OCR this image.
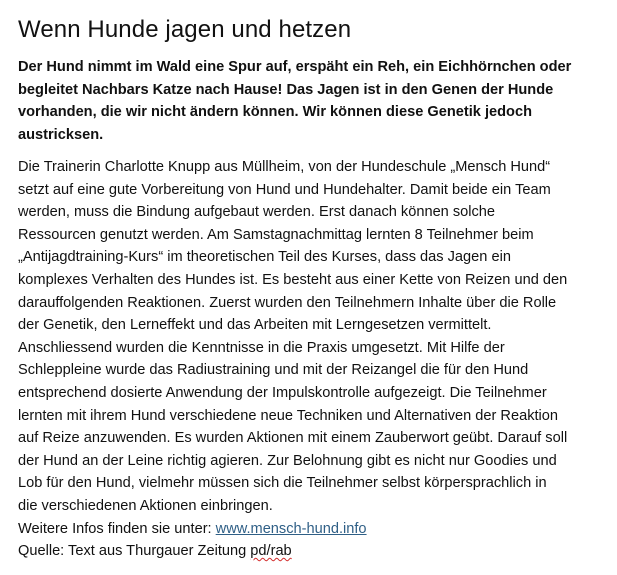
Wenn Hunde jagen und hetzen

Der Hund nimmt im Wald eine Spur auf, erspäht ein Reh, ein Eichhörnchen oder
begleitet Nachbars Katze nach Hause! Das Jagen ist in den Genen der Hunde
vorhanden, die wir nicht ändern können. Wir können diese Genetik jedoch
austricksen.

Die Trainerin Charlotte Knupp aus Müllheim, von der Hundeschule „Mensch Hund“
setzt auf eine gute Vorbereitung von Hund und Hundehalter. Damit beide ein Team
werden, muss die Bindung aufgebaut werden. Erst danach können solche
Ressourcen genutzt werden. Am Samstagnachmittag lernten 8 Teilnehmer beim
„Antijagdtraining-Kurs“ im theoretischen Teil des Kurses, dass das Jagen ein
komplexes Verhalten des Hundes ist. Es besteht aus einer Kette von Reizen und den
darauffolgenden Reaktionen. Zuerst wurden den Teilnehmern Inhalte über die Rolle
der Genetik, den Lerneffekt und das Arbeiten mit Lerngesetzen vermittelt.
Anschliessend wurden die Kenntnisse in die Praxis umgesetzt. Mit Hilfe der
Schleppleine wurde das Radiustraining und mit der Reizangel die für den Hund
entsprechend dosierte Anwendung der Impulskontrolle aufgezeigt. Die Teilnehmer
lernten mit ihrem Hund verschiedene neue Techniken und Alternativen der Reaktion
auf Reize anzuwenden. Es wurden Aktionen mit einem Zauberwort geübt. Darauf soll
der Hund an der Leine richtig agieren. Zur Belohnung gibt es nicht nur Goodies und
Lob für den Hund, vielmehr müssen sich die Teilnehmer selbst körpersprachlich in
die verschiedenen Aktionen einbringen.
Weitere Infos finden sie unter: www.mensch-hund.info
Quelle: Text aus Thurgauer Zeitung pd/rab
